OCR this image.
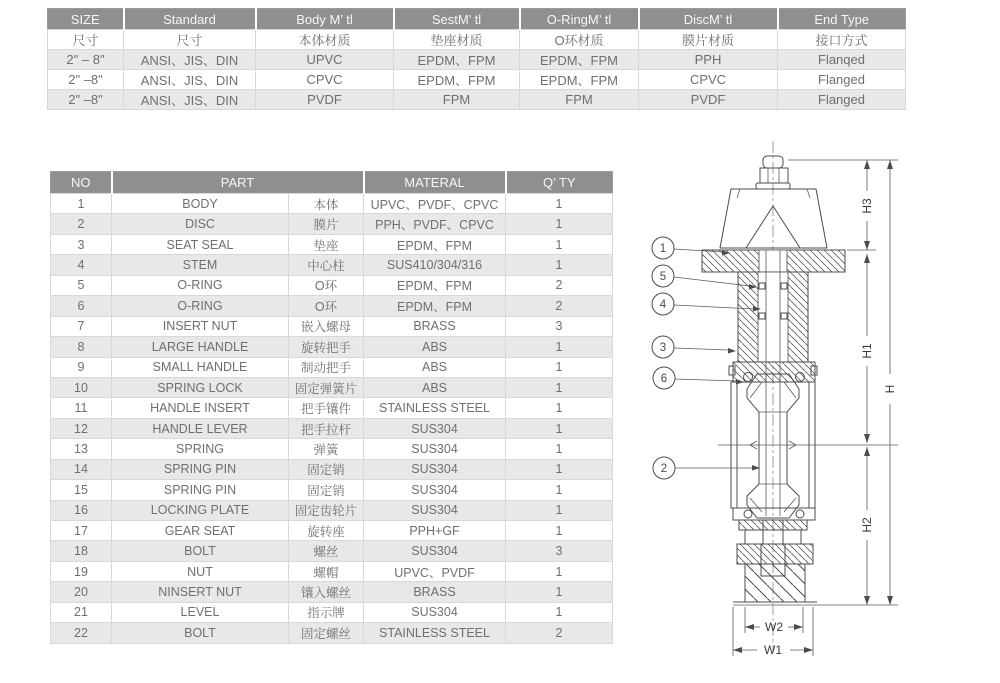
SIZE	Standard	Body M’ tl	SestM’ tl	O-RingM’ tl	DiscM’ tl	End Type
尺寸	尺寸	本体材质	垫座材质	O环材质	膜片材质	接口方式
2" – 8"	ANSI、JIS、DIN	UPVC	EPDM、FPM	EPDM、FPM	PPH	Flanqed
2" –8"	ANSI、JIS、DIN	CPVC	EPDM、FPM	EPDM、FPM	CPVC	Flanged
2" –8"	ANSI、JIS、DIN	PVDF	FPM	FPM	PVDF	Flanged
NO	PART		MATERAL	Q’ TY
1	BODY	本体	UPVC、PVDF、CPVC	1
2	DISC	膜片	PPH、PVDF、CPVC	1
3	SEAT SEAL	垫座	EPDM、FPM	1
4	STEM	中心柱	SUS410/304/316	1
5	O-RING	O环	EPDM、FPM	2
6	O-RING	O环	EPDM、FPM	2
7	INSERT NUT	嵌入螺母	BRASS	3
8	LARGE HANDLE	旋转把手	ABS	1
9	SMALL HANDLE	制动把手	ABS	1
10	SPRING LOCK	固定弹簧片	ABS	1
11	HANDLE INSERT	把手镶件	STAINLESS STEEL	1
12	HANDLE LEVER	把手拉杆	SUS304	1
13	SPRING	弹簧	SUS304	1
14	SPRING PIN	固定销	SUS304	1
15	SPRING PIN	固定销	SUS304	1
16	LOCKING PLATE	固定齿轮片	SUS304	1
17	GEAR SEAT	旋转座	PPH+GF	1
18	BOLT	螺丝	SUS304	3
19	NUT	螺帽	UPVC、PVDF	1
20	NINSERT NUT	镶入螺丝	BRASS	1
21	LEVEL	指示牌	SUS304	1
22	BOLT	固定螺丝	STAINLESS STEEL	2
H3
H1
H2
H
W2
W1
1
5
4
3
6
2
